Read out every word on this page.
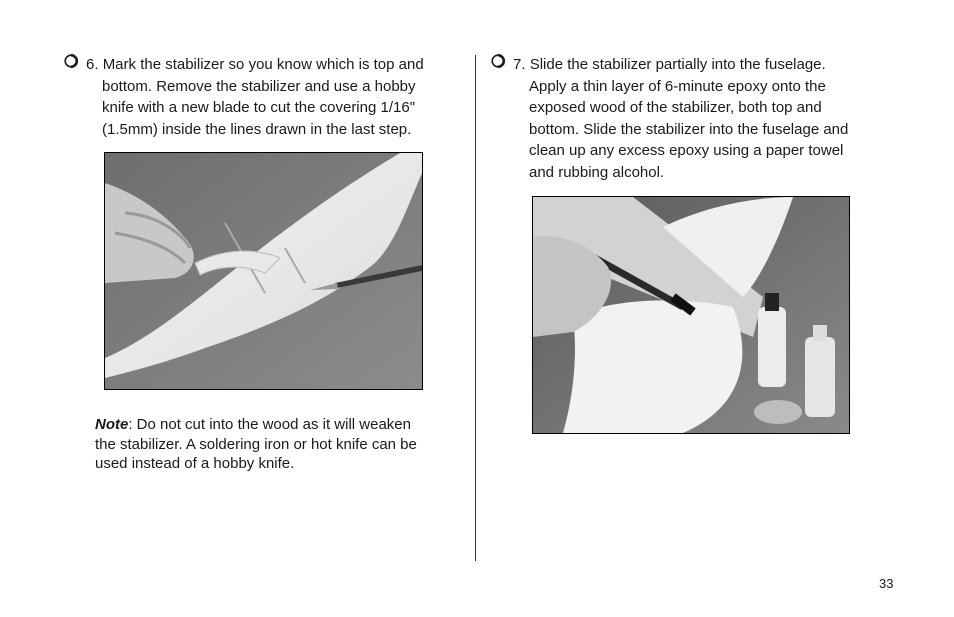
6. Mark the stabilizer so you know which is top and bottom. Remove the stabilizer and use a hobby knife with a new blade to cut the covering 1/16" (1.5mm) inside the lines drawn in the last step.
Note: Do not cut into the wood as it will weaken the stabilizer. A soldering iron or hot knife can be used instead of a hobby knife.
7. Slide the stabilizer partially into the fuselage. Apply a thin layer of 6-minute epoxy onto the exposed wood of the stabilizer, both top and bottom. Slide the stabilizer into the fuselage and clean up any excess epoxy using a paper towel and rubbing alcohol.
33
